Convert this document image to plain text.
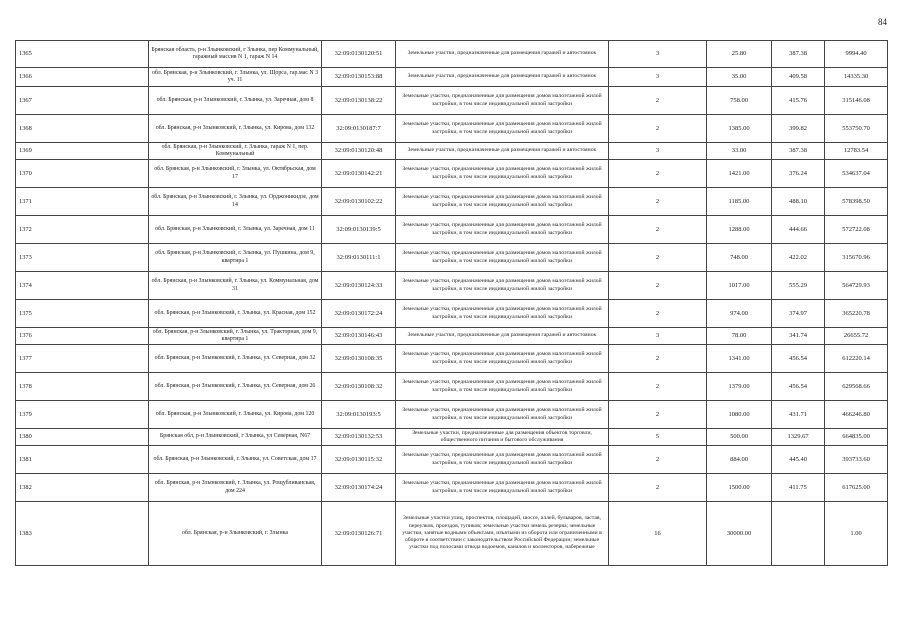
84
1365	Брянская область, р-н Злынковский, г Злынка, пер Коммунальный, гаражный массив N 1, гараж N 14	32:09:0130120:51	Земельные участки, предназначенные для размещения гаражей и автостоянок	3	25.80	387.38	9994.40
1366	обл. Брянская, р-н Злынковский, г. Злынка, ул. Щорса, гар.мас N 3 уч. 11	32:09:0130153:88	Земельные участки, предназначенные для размещения гаражей и автостоянок	3	35.00	409.58	14335.30
1367	обл. Брянская, р-н Злынковский, г. Злынка, ул. Заречная, дом 8	32:09:0130138:22	Земельные участки, предназначенные для размещения домов малоэтажной жилой застройки, в том числе индивидуальной жилой застройки	2	758.00	415.76	315146.08
1368	обл. Брянская, р-н Злынковский, г. Злынка, ул. Кирова, дом 132	32:09:0130187:7	Земельные участки, предназначенные для размещения домов малоэтажной жилой застройки, в том числе индивидуальной жилой застройки	2	1385.00	399.82	553750.70
1369	обл. Брянская, р-н Злынковский, г. Злынка, гараж N 1, пер. Коммунальный	32:09:0130120:48	Земельные участки, предназначенные для размещения гаражей и автостоянок	3	33.00	387.38	12783.54
1370	обл. Брянская, р-н Злынковский, г. Злынка, ул. Октябрьская, дом 17	32:09:0130142:21	Земельные участки, предназначенные для размещения домов малоэтажной жилой застройки, в том числе индивидуальной жилой застройки	2	1421.00	376.24	534637.04
1371	обл. Брянская, р-н Злынковский, г. Злынка, ул. Орджоникидзе, дом 14	32:09:0130102:22	Земельные участки, предназначенные для размещения домов малоэтажной жилой застройки, в том числе индивидуальной жилой застройки	2	1185.00	488.10	578398.50
1372	обл. Брянская, р-н Злынковский, г. Злынка, ул. Заречная, дом 11	32:09:0130139:5	Земельные участки, предназначенные для размещения домов малоэтажной жилой застройки, в том числе индивидуальной жилой застройки	2	1288.00	444.66	572722.08
1373	обл. Брянская, р-н Злынковский, г. Злынка, ул. Пушкина, дом 9, квартира 1	32:09:0130111:1	Земельные участки, предназначенные для размещения домов малоэтажной жилой застройки, в том числе индивидуальной жилой застройки	2	748.00	422.02	315670.96
1374	обл. Брянская, р-н Злынковский, г. Злынка, ул. Коммунальная, дом 31	32:09:0130124:33	Земельные участки, предназначенные для размещения домов малоэтажной жилой застройки, в том числе индивидуальной жилой застройки	2	1017.00	555.29	564729.93
1375	обл. Брянская, р-н Злынковский, г. Злынка, ул. Красная, дом 152	32:09:0130172:24	Земельные участки, предназначенные для размещения домов малоэтажной жилой застройки, в том числе индивидуальной жилой застройки	2	974.00	374.97	365220.78
1376	обл. Брянская, р-н Злынковский, г. Злынка, ул. Тракторная, дом 9, квартира 1	32:09:0130146:43	Земельные участки, предназначенные для размещения гаражей и автостоянок	3	78.00	341.74	26655.72
1377	обл. Брянская, р-н Злынковский, г. Злынка, ул. Северная, дом 32	32:09:0130108:35	Земельные участки, предназначенные для размещения домов малоэтажной жилой застройки, в том числе индивидуальной жилой застройки	2	1341.00	456.54	612220.14
1378	обл. Брянская, р-н Злынковский, г. Злынка, ул. Северная, дом 26	32:09:0130108:32	Земельные участки, предназначенные для размещения домов малоэтажной жилой застройки, в том числе индивидуальной жилой застройки	2	1379.00	456.54	629568.66
1379	обл. Брянская, р-н Злынковский, г. Злынка, ул. Кирова, дом 120	32:09:0130193:5	Земельные участки, предназначенные для размещения домов малоэтажной жилой застройки, в том числе индивидуальной жилой застройки	2	1080.00	431.71	466246.80
1380	Брянская обл, р-н Злынковский, г Злынка, ул Северная, N67	32:09:0130132:53	Земельные участки, предназначенные для размещения объектов торговли, общественного питания и бытового обслуживания	5	500.00	1329.67	664835.00
1381	обл. Брянская, р-н Злынковский, г. Злынка, ул. Советская, дом 17	32:09:0130115:32	Земельные участки, предназначенные для размещения домов малоэтажной жилой застройки, в том числе индивидуальной жилой застройки	2	884.00	445.40	393733.60
1382	обл. Брянская, р-н Злынковский, г. Злынка, ул. Рощубливанская, дом 224	32:09:0130174:24	Земельные участки, предназначенные для размещения домов малоэтажной жилой застройки, в том числе индивидуальной жилой застройки	2	1500.00	411.75	617625.00
1383	обл. Брянская, р-н Злынковский, г. Злынка	32:09:0130126:71	Земельные участки улиц, проспектов, площадей, шоссе, аллей, бульваров, застав, переулков, проездов, тупиков; земельные участки земель резерва; земельные участки, занятые водными объектами, изъятыми из оборота или ограниченными в обороте в соответствии с законодательством Российской Федерации; земельные участки под полосами отвода водоемов, каналов и коллекторов, набережные	16	30000.00		1.00
